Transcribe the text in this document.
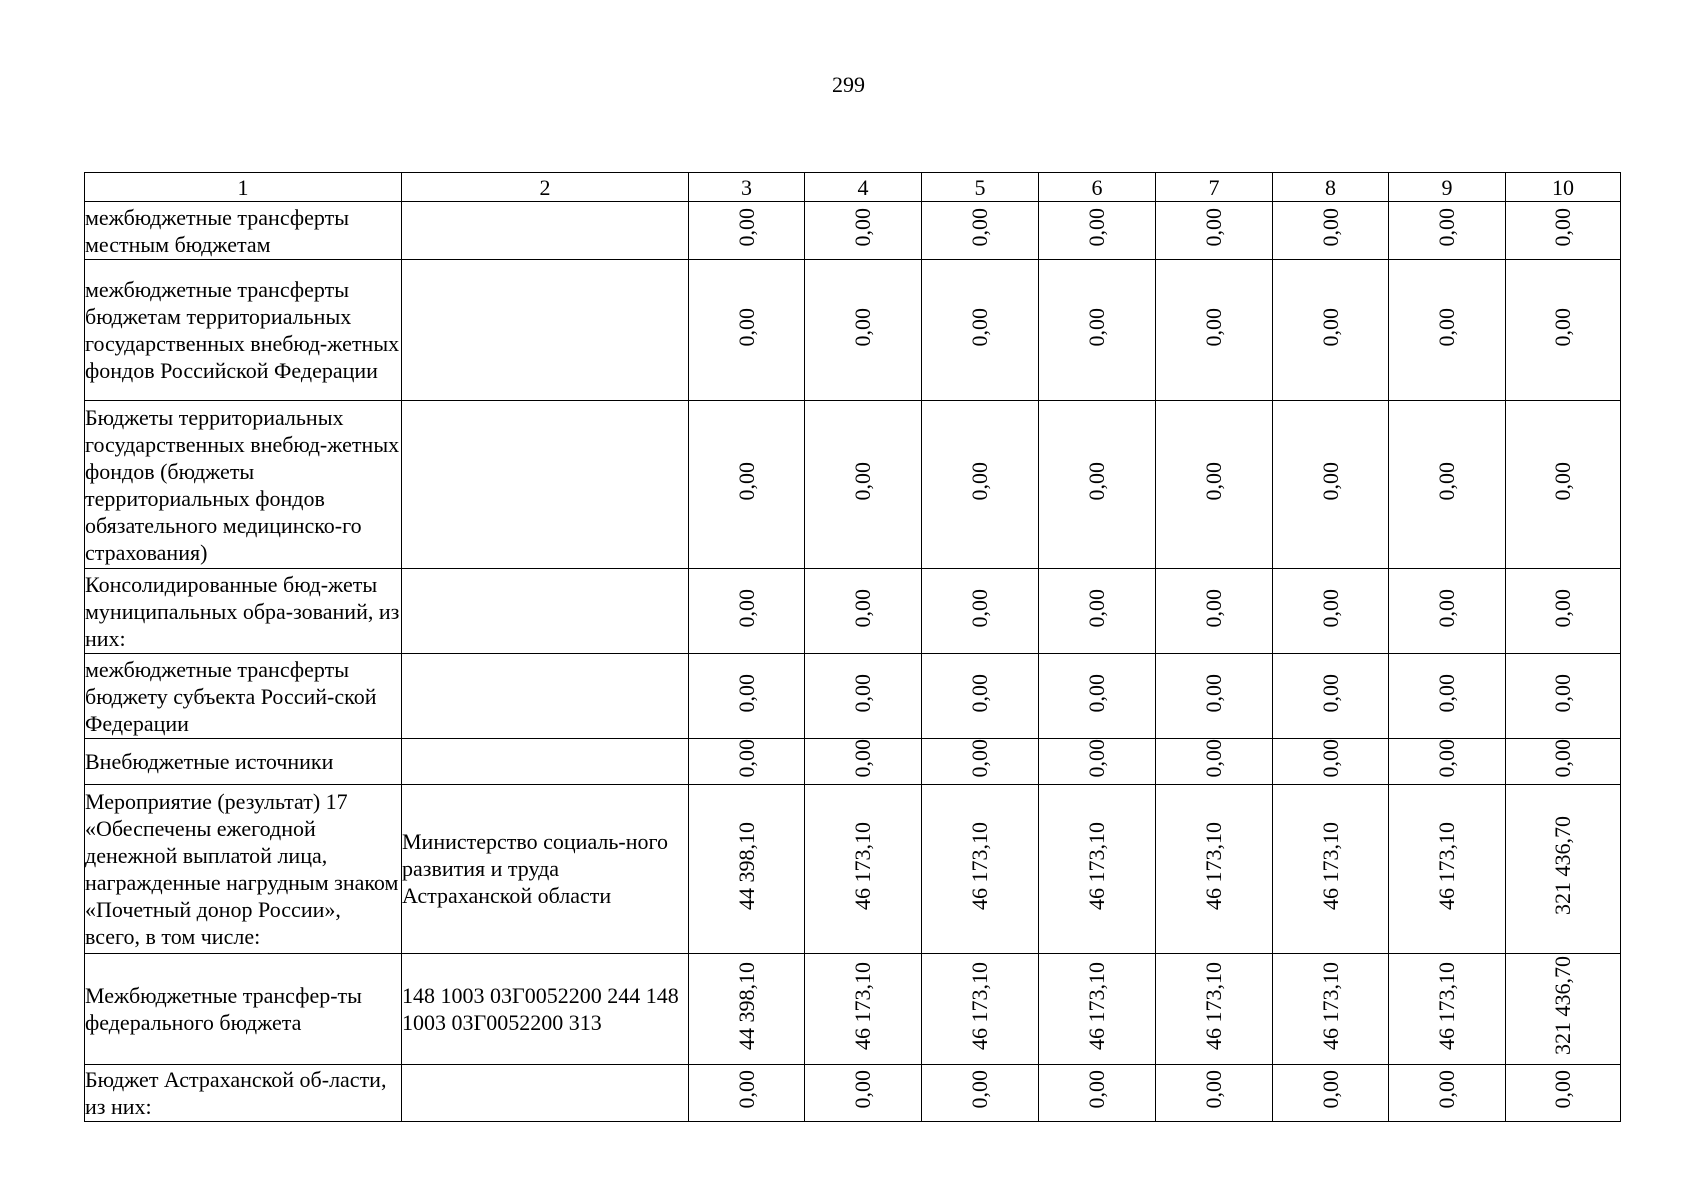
299
1	2	3	4	5	6	7	8	9	10
межбюджетные трансферты местным бюджетам		0,00	0,00	0,00	0,00	0,00	0,00	0,00	0,00
межбюджетные трансферты бюджетам территориальных государственных внебюд-жетных фондов Российской Федерации		0,00	0,00	0,00	0,00	0,00	0,00	0,00	0,00
Бюджеты территориальных государственных внебюд-жетных фондов (бюджеты территориальных фондов обязательного медицинско-го страхования)		0,00	0,00	0,00	0,00	0,00	0,00	0,00	0,00
Консолидированные бюд-жеты муниципальных обра-зований, из них:		0,00	0,00	0,00	0,00	0,00	0,00	0,00	0,00
межбюджетные трансферты бюджету субъекта Россий-ской Федерации		0,00	0,00	0,00	0,00	0,00	0,00	0,00	0,00
Внебюджетные источники		0,00	0,00	0,00	0,00	0,00	0,00	0,00	0,00
Мероприятие (результат) 17 «Обеспечены ежегодной денежной выплатой лица, награжденные нагрудным знаком «Почетный донор России», всего, в том числе:	Министерство социаль-ного развития и труда Астраханской области	44 398,10	46 173,10	46 173,10	46 173,10	46 173,10	46 173,10	46 173,10	321 436,70
Межбюджетные трансфер-ты федерального бюджета	148 1003 03Г0052200 244 148 1003 03Г0052200 313	44 398,10	46 173,10	46 173,10	46 173,10	46 173,10	46 173,10	46 173,10	321 436,70
Бюджет Астраханской об-ласти, из них:		0,00	0,00	0,00	0,00	0,00	0,00	0,00	0,00
